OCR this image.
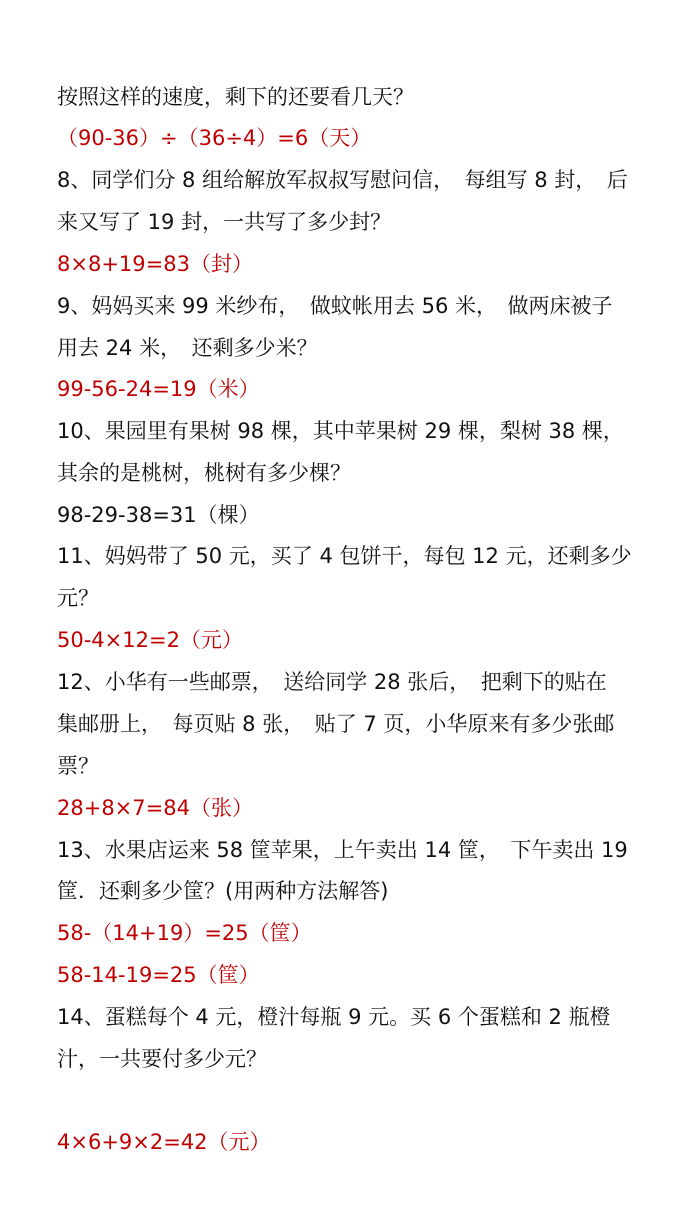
按照这样的速度，剩下的还要看几天？
（90-36）÷（36÷4）=6（天）
8、同学们分 8 组给解放军叔叔写慰问信，　每组写 8 封，　后
来又写了 19 封，一共写了多少封？
8×8+19=83（封）
9、妈妈买来 99 米纱布，　做蚊帐用去 56 米，　做两床被子
用去 24 米，　还剩多少米？
99-56-24=19（米）
10、果园里有果树 98 棵，其中苹果树 29 棵，梨树 38 棵，
其余的是桃树，桃树有多少棵？
98-29-38=31（棵）
11、妈妈带了 50 元，买了 4 包饼干，每包 12 元，还剩多少
元？
50-4×12=2（元）
12、小华有一些邮票，　送给同学 28 张后，　把剩下的贴在
集邮册上，　每页贴 8 张，　贴了 7 页，小华原来有多少张邮
票？
28+8×7=84（张）
13、水果店运来 58 筐苹果，上午卖出 14 筐，　下午卖出 19
筐．还剩多少筐？(用两种方法解答)
58-（14+19）=25（筐）
58-14-19=25（筐）
14、蛋糕每个 4 元，橙汁每瓶 9 元。买 6 个蛋糕和 2 瓶橙
汁，一共要付多少元？
4×6+9×2=42（元）
